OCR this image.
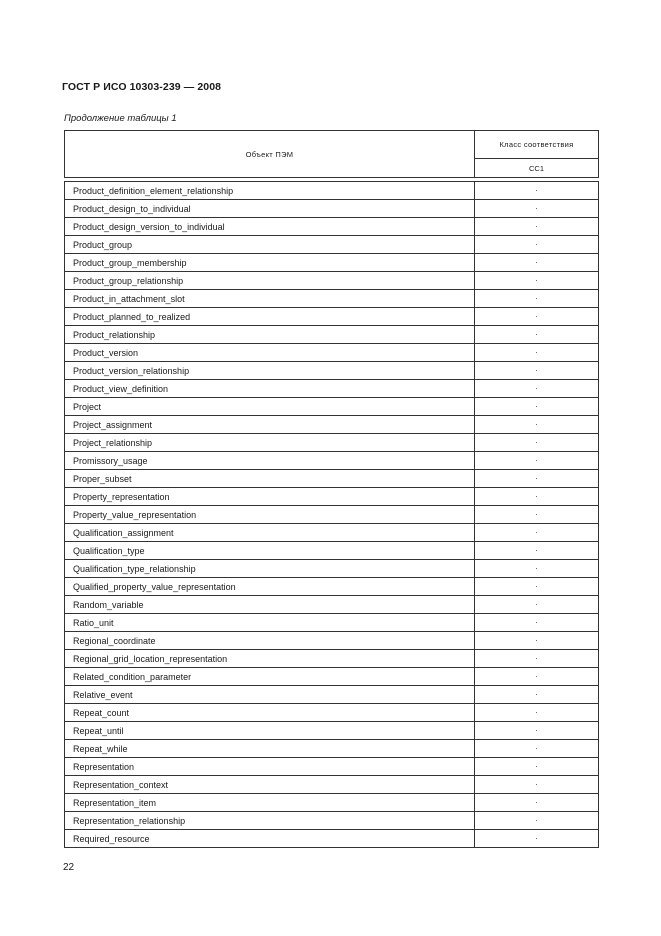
ГОСТ Р ИСО 10303-239 — 2008
Продолжение таблицы 1
Объект ПЭМ	Класс соответствия
	CC1

Product_definition_element_relationship	·
Product_design_to_individual	·
Product_design_version_to_individual	·
Product_group	·
Product_group_membership	·
Product_group_relationship	·
Product_in_attachment_slot	·
Product_planned_to_realized	·
Product_relationship	·
Product_version	·
Product_version_relationship	·
Product_view_definition	·
Project	·
Project_assignment	·
Project_relationship	·
Promissory_usage	·
Proper_subset	·
Property_representation	·
Property_value_representation	·
Qualification_assignment	·
Qualification_type	·
Qualification_type_relationship	·
Qualified_property_value_representation	·
Random_variable	·
Ratio_unit	·
Regional_coordinate	·
Regional_grid_location_representation	·
Related_condition_parameter	·
Relative_event	·
Repeat_count	·
Repeat_until	·
Repeat_while	·
Representation	·
Representation_context	·
Representation_item	·
Representation_relationship	·
Required_resource	·
22
